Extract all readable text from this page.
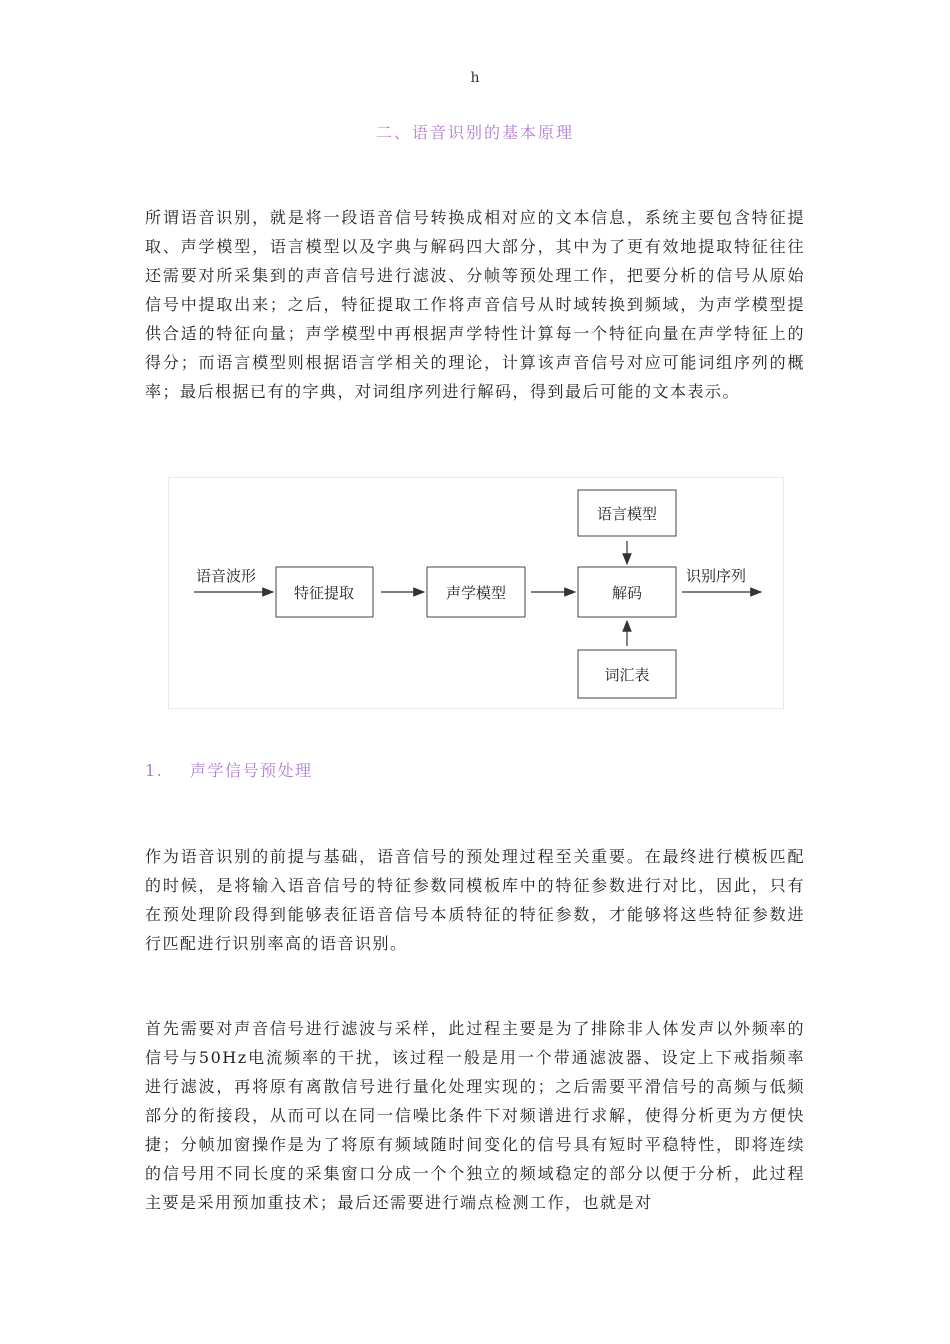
h
二、语音识别的基本原理

所谓语音识别，就是将一段语音信号转换成相对应的文本信息，系统主要包含特征提取、声学模型，语言模型以及字典与解码四大部分，其中为了更有效地提取特征往往还需要对所采集到的声音信号进行滤波、分帧等预处理工作，把要分析的信号从原始信号中提取出来；之后，特征提取工作将声音信号从时域转换到频域，为声学模型提供合适的特征向量；声学模型中再根据声学特性计算每一个特征向量在声学特征上的得分；而语言模型则根据语言学相关的理论，计算该声音信号对应可能词组序列的概率；最后根据已有的字典，对词组序列进行解码，得到最后可能的文本表示。

特征提取	声学模型	解码
语言模型
词汇表
语音波形	识别序列
1. 声学信号预处理

作为语音识别的前提与基础，语音信号的预处理过程至关重要。在最终进行模板匹配的时候，是将输入语音信号的特征参数同模板库中的特征参数进行对比，因此，只有在预处理阶段得到能够表征语音信号本质特征的特征参数，才能够将这些特征参数进行匹配进行识别率高的语音识别。

首先需要对声音信号进行滤波与采样，此过程主要是为了排除非人体发声以外频率的信号与50Hz电流频率的干扰，该过程一般是用一个带通滤波器、设定上下戒指频率进行滤波，再将原有离散信号进行量化处理实现的；之后需要平滑信号的高频与低频部分的衔接段，从而可以在同一信噪比条件下对频谱进行求解，使得分析更为方便快捷；分帧加窗操作是为了将原有频域随时间变化的信号具有短时平稳特性，即将连续的信号用不同长度的采集窗口分成一个个独立的频域稳定的部分以便于分析，此过程主要是采用预加重技术；最后还需要进行端点检测工作，也就是对
